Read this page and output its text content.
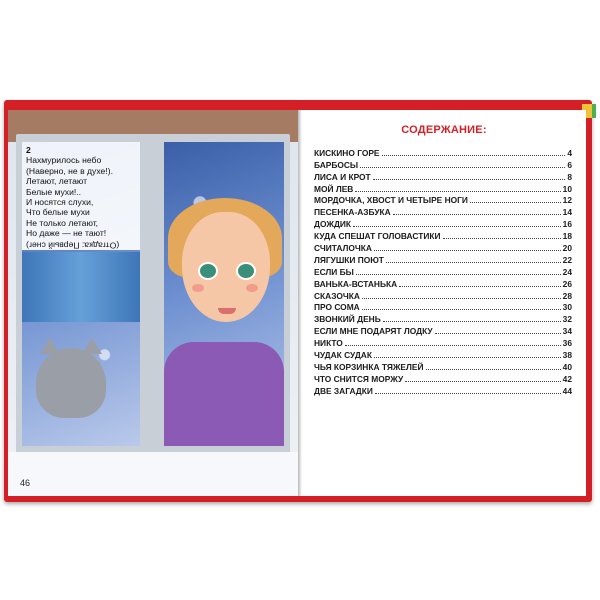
2
Нахмурилось небо
(Наверно, не в духе!).
Летают, летают
Белые мухи!..
И носятся слухи,
Что белые мухи
Не только летают,
Но даже — не тают!
(Отгадка: Первый снег)
46
СОДЕРЖАНИЕ:
КИСКИНО ГОРЕ	4
БАРБОСЫ	6
ЛИСА И КРОТ	8
МОЙ ЛЕВ	10
МОРДОЧКА, ХВОСТ И ЧЕТЫРЕ НОГИ	12
ПЕСЕНКА-АЗБУКА	14
ДОЖДИК	16
КУДА СПЕШАТ ГОЛОВАСТИКИ	18
СЧИТАЛОЧКА	20
ЛЯГУШКИ ПОЮТ	22
ЕСЛИ БЫ	24
ВАНЬКА-ВСТАНЬКА	26
СКАЗОЧКА	28
ПРО СОМА	30
ЗВОНКИЙ ДЕНЬ	32
ЕСЛИ МНЕ ПОДАРЯТ ЛОДКУ	34
НИКТО	36
ЧУДАК СУДАК	38
ЧЬЯ КОРЗИНКА ТЯЖЕЛЕЙ	40
ЧТО СНИТСЯ МОРЖУ	42
ДВЕ ЗАГАДКИ	44
